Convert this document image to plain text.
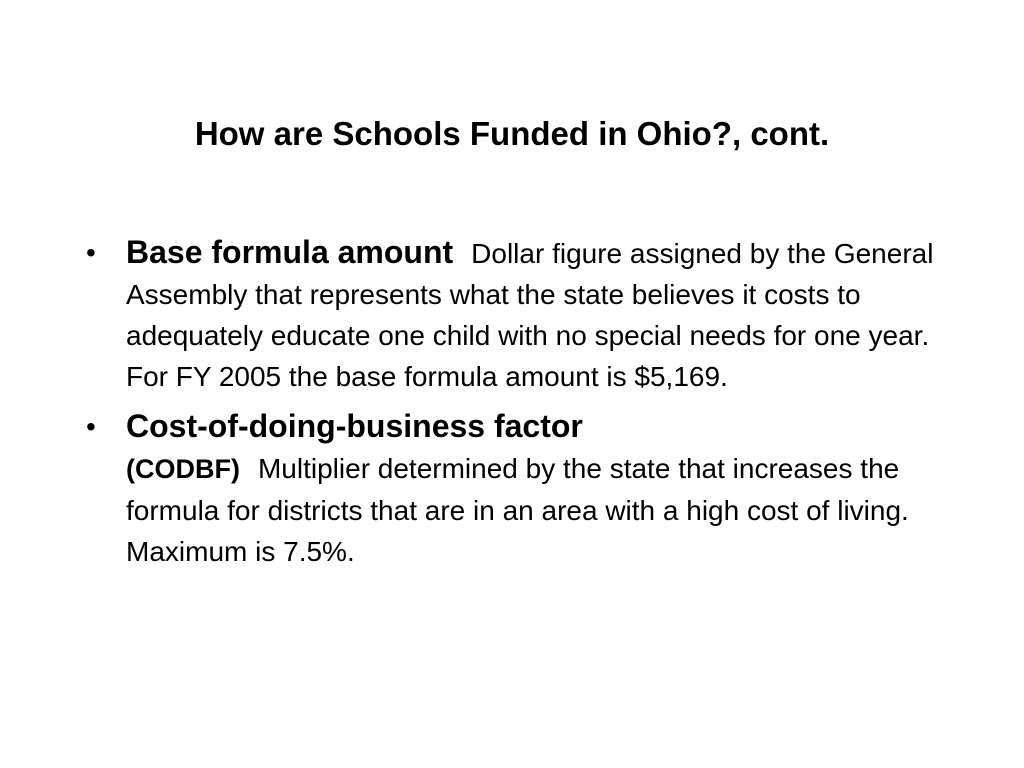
How are Schools Funded in Ohio?, cont.
• Base formula amount Dollar figure assigned by the General Assembly that represents what the state believes it costs to adequately educate one child with no special needs for one year. For FY 2005 the base formula amount is $5,169.
• Cost-of-doing-business factor
(CODBF) Multiplier determined by the state that increases the formula for districts that are in an area with a high cost of living. Maximum is 7.5%.
